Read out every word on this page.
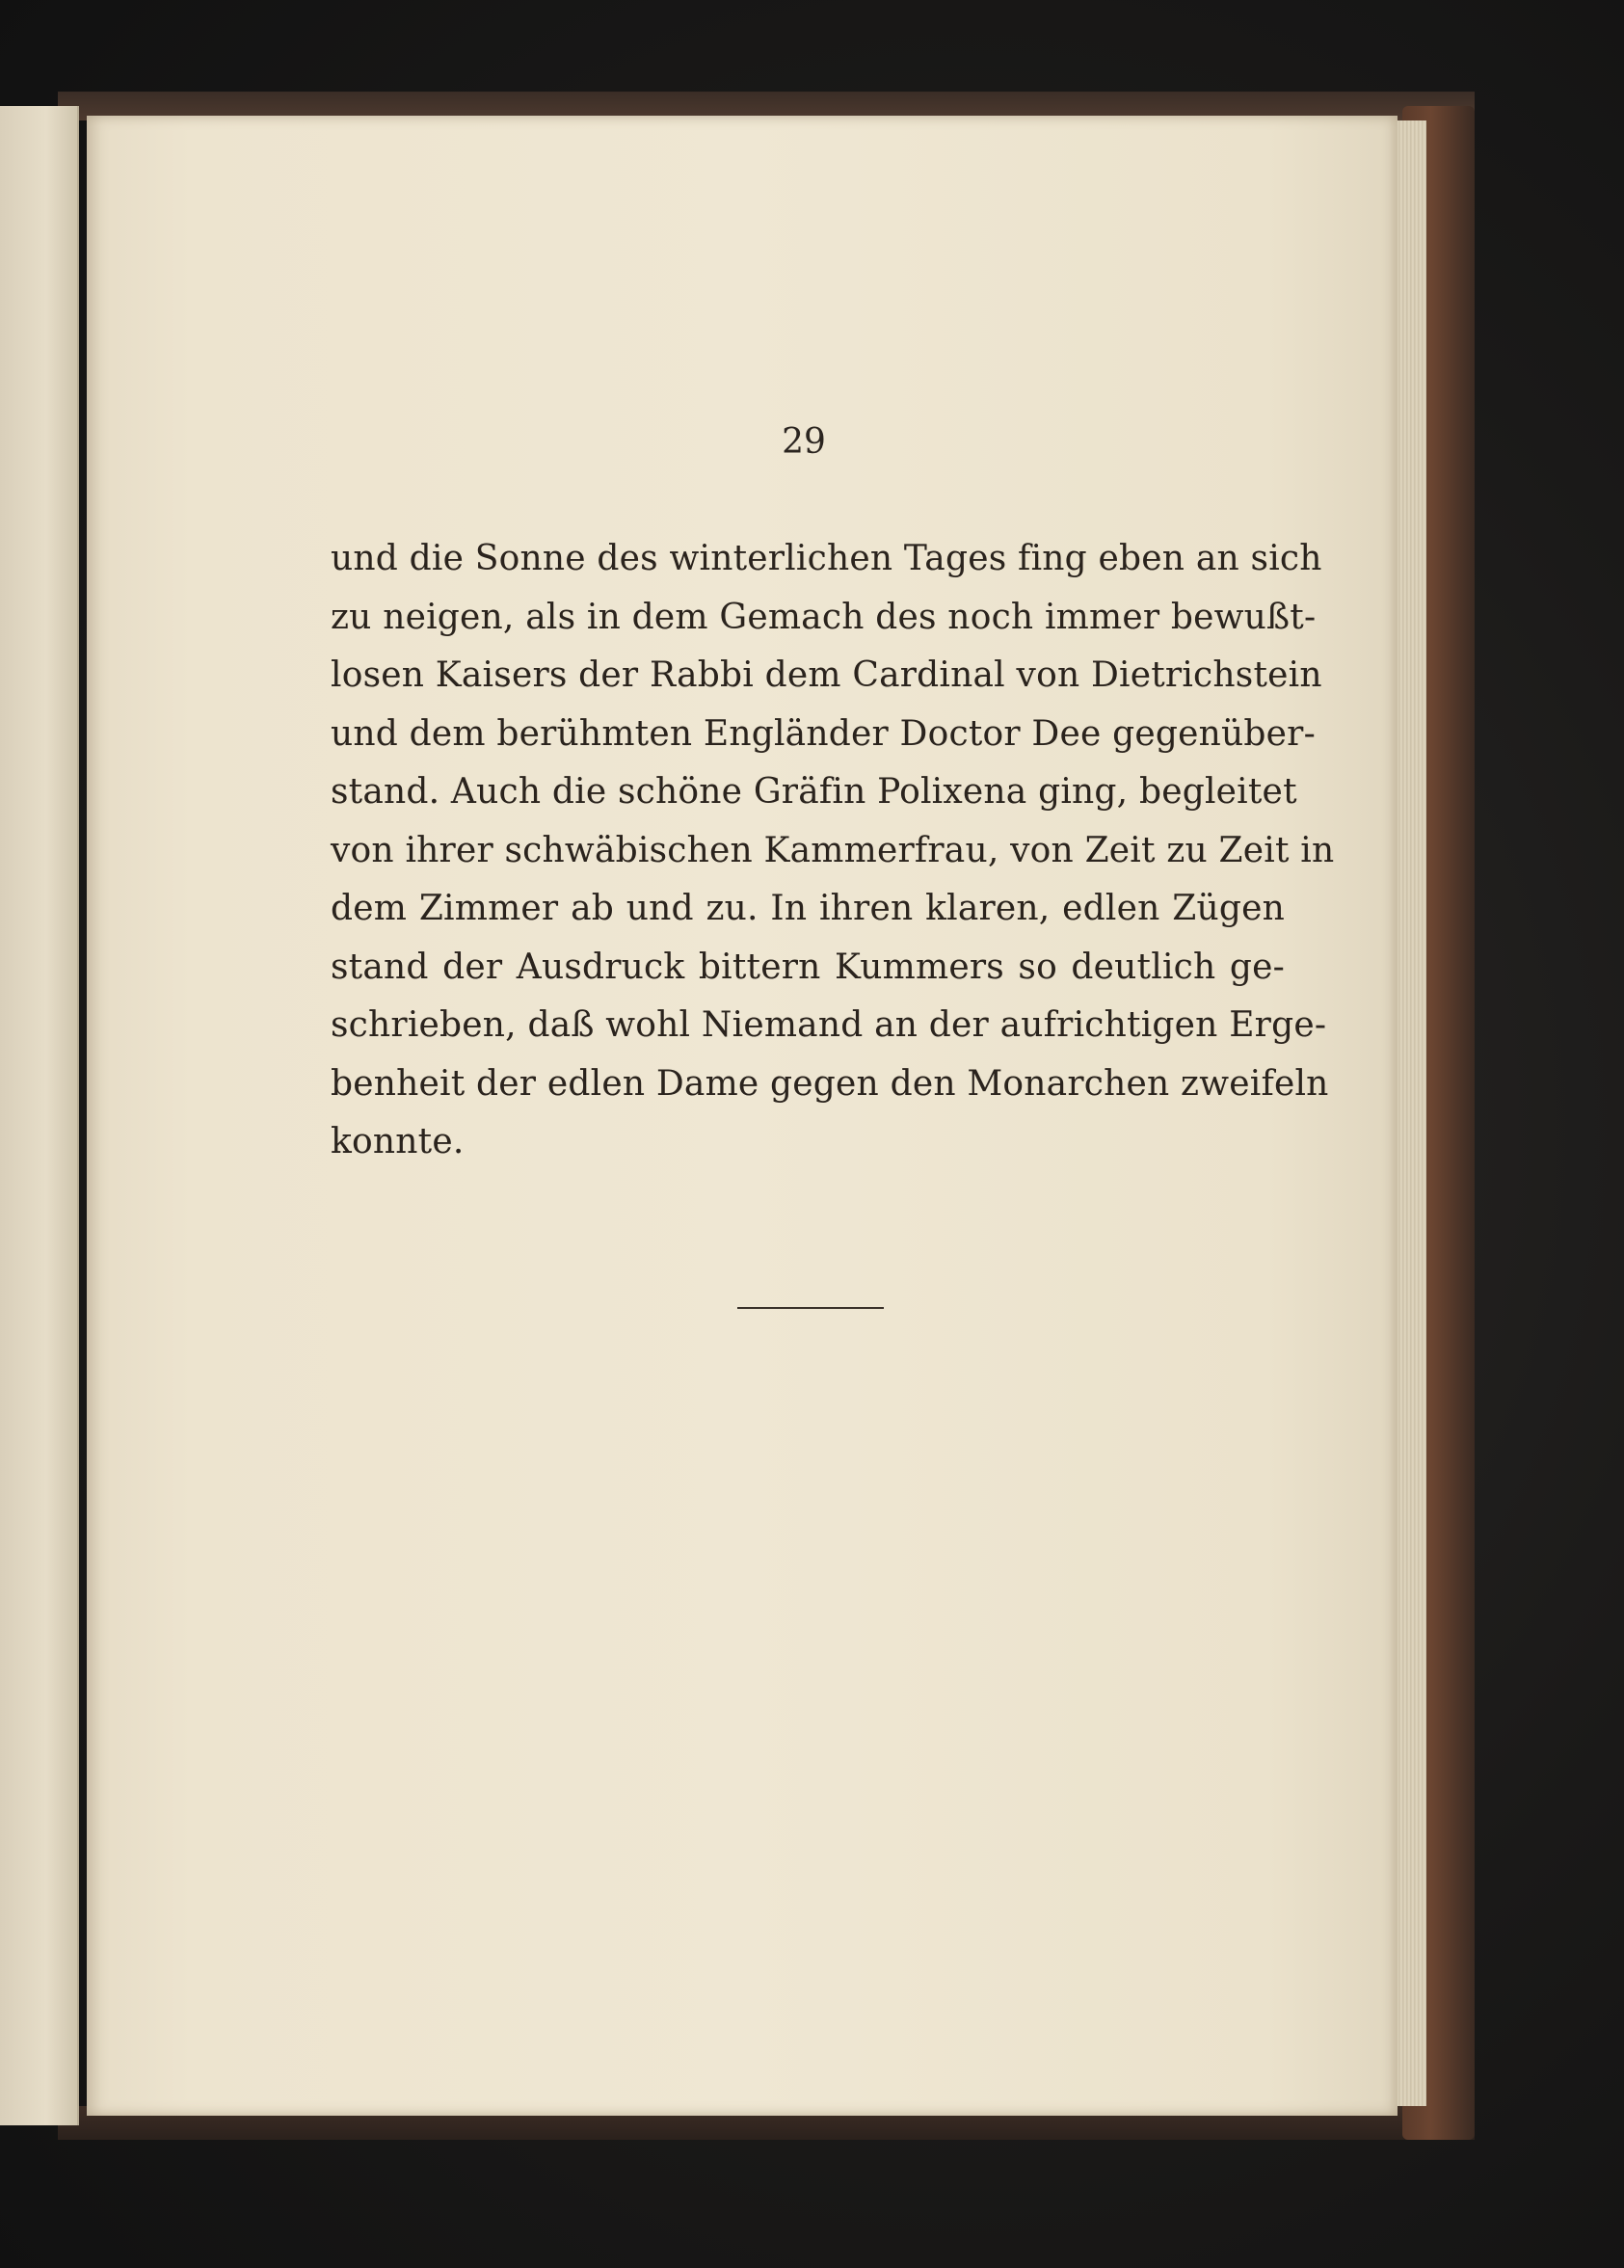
29
und die Sonne des winterlichen Tages fing eben an sich
zu neigen, als in dem Gemach des noch immer bewußt-
losen Kaisers der Rabbi dem Cardinal von Dietrichstein
und dem berühmten Engländer Doctor Dee gegenüber-
stand. Auch die schöne Gräfin Polixena ging, begleitet
von ihrer schwäbischen Kammerfrau, von Zeit zu Zeit in
dem Zimmer ab und zu. In ihren klaren, edlen Zügen
stand der Ausdruck bittern Kummers so deutlich ge-
schrieben, daß wohl Niemand an der aufrichtigen Erge-
benheit der edlen Dame gegen den Monarchen zweifeln
konnte.
